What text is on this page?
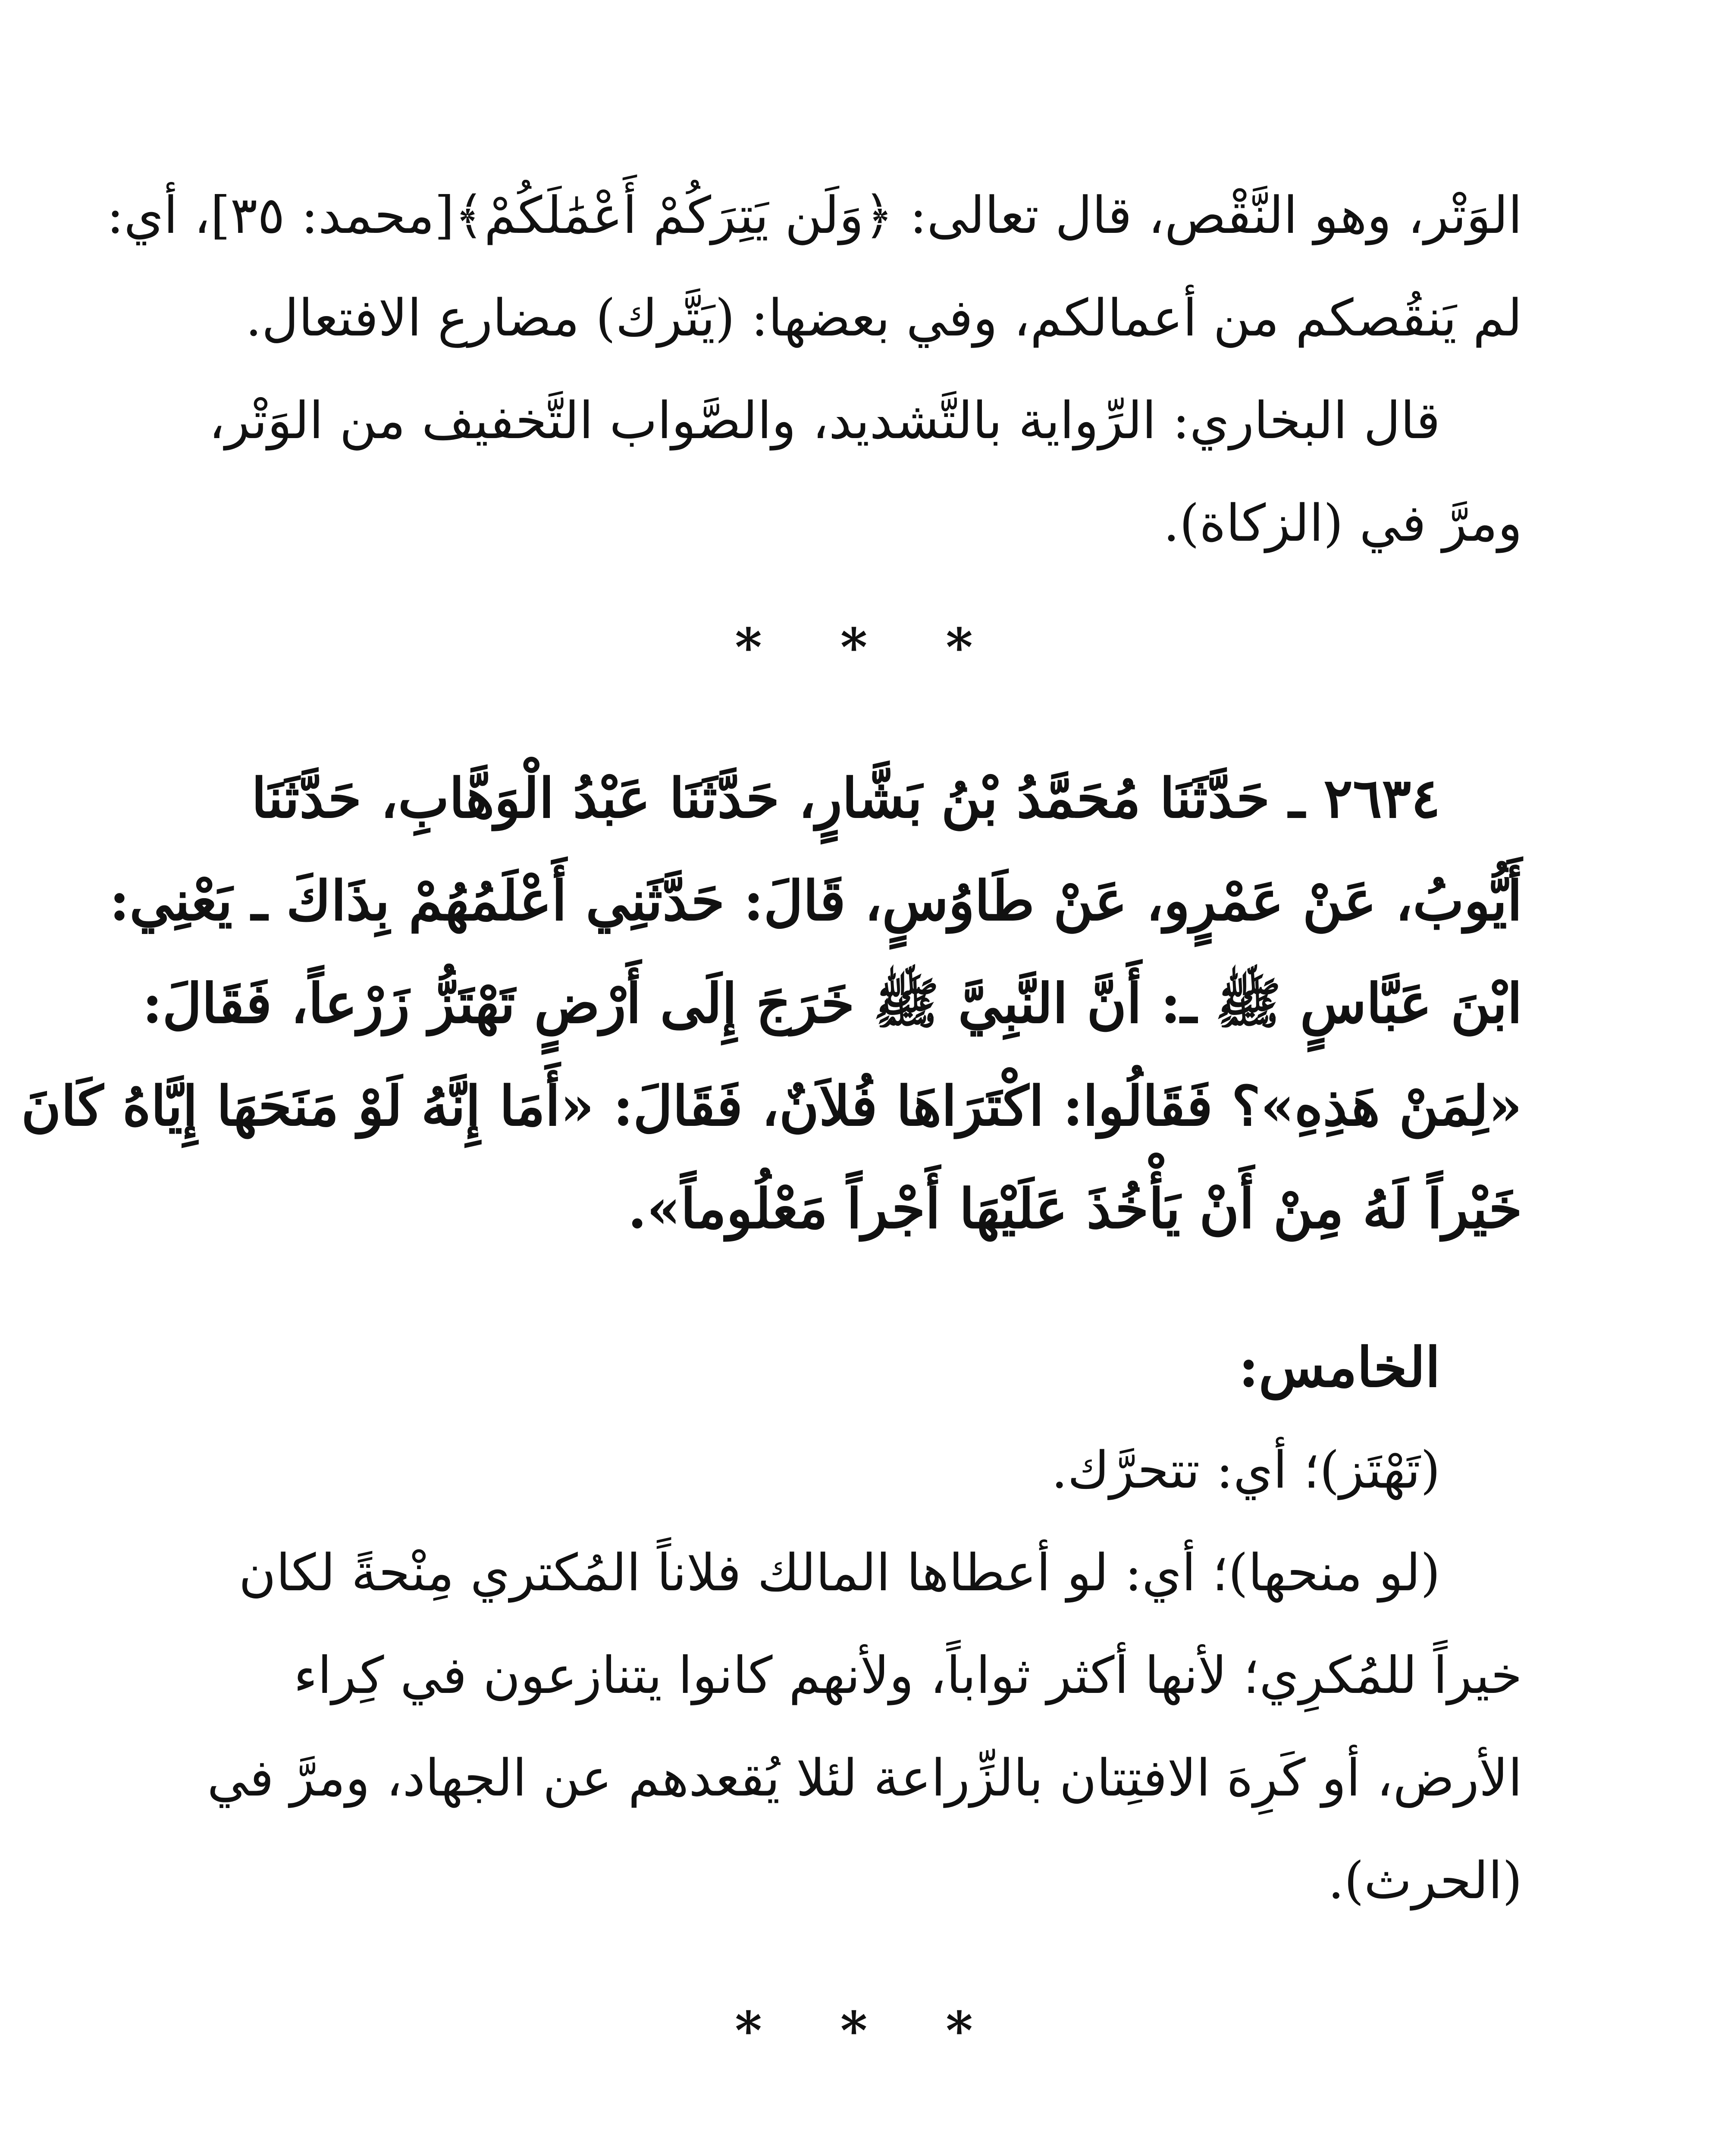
الوَتْر، وهو النَّقْص، قال تعالى: ﴿وَلَن يَتِرَكُمْ أَعْمَٰلَكُمْ﴾[محمد: ٣٥]، أي:
لم يَنقُصكم من أعمالكم، وفي بعضها: (يَتَّرك) مضارع الافتعال.
قال البخاري: الرِّواية بالتَّشديد، والصَّواب التَّخفيف من الوَتْر،
ومرَّ في (الزكاة).
* * *
٢٦٣٤ ـ حَدَّثَنَا مُحَمَّدُ بْنُ بَشَّارٍ، حَدَّثَنَا عَبْدُ الْوَهَّابِ، حَدَّثَنَا
أَيُّوبُ، عَنْ عَمْرٍو، عَنْ طَاوُسٍ، قَالَ: حَدَّثَنِي أَعْلَمُهُمْ بِذَاكَ ـ يَعْنِي:
ابْنَ عَبَّاسٍ ﷺ ـ: أَنَّ النَّبِيَّ ﷺ خَرَجَ إِلَى أَرْضٍ تَهْتَزُّ زَرْعاً، فَقَالَ:
«لِمَنْ هَذِهِ»؟ فَقَالُوا: اكْتَرَاهَا فُلاَنٌ، فَقَالَ: «أَمَا إِنَّهُ لَوْ مَنَحَهَا إِيَّاهُ كَانَ
خَيْراً لَهُ مِنْ أَنْ يَأْخُذَ عَلَيْهَا أَجْراً مَعْلُوماً».
الخامس:
(تَهْتَز)؛ أي: تتحرَّك.
(لو منحها)؛ أي: لو أعطاها المالك فلاناً المُكتري مِنْحةً لكان
خيراً للمُكرِي؛ لأنها أكثر ثواباً، ولأنهم كانوا يتنازعون في كِراء
الأرض، أو كَرِهَ الافتِتان بالزِّراعة لئلا يُقعدهم عن الجهاد، ومرَّ في
(الحرث).
* * *
